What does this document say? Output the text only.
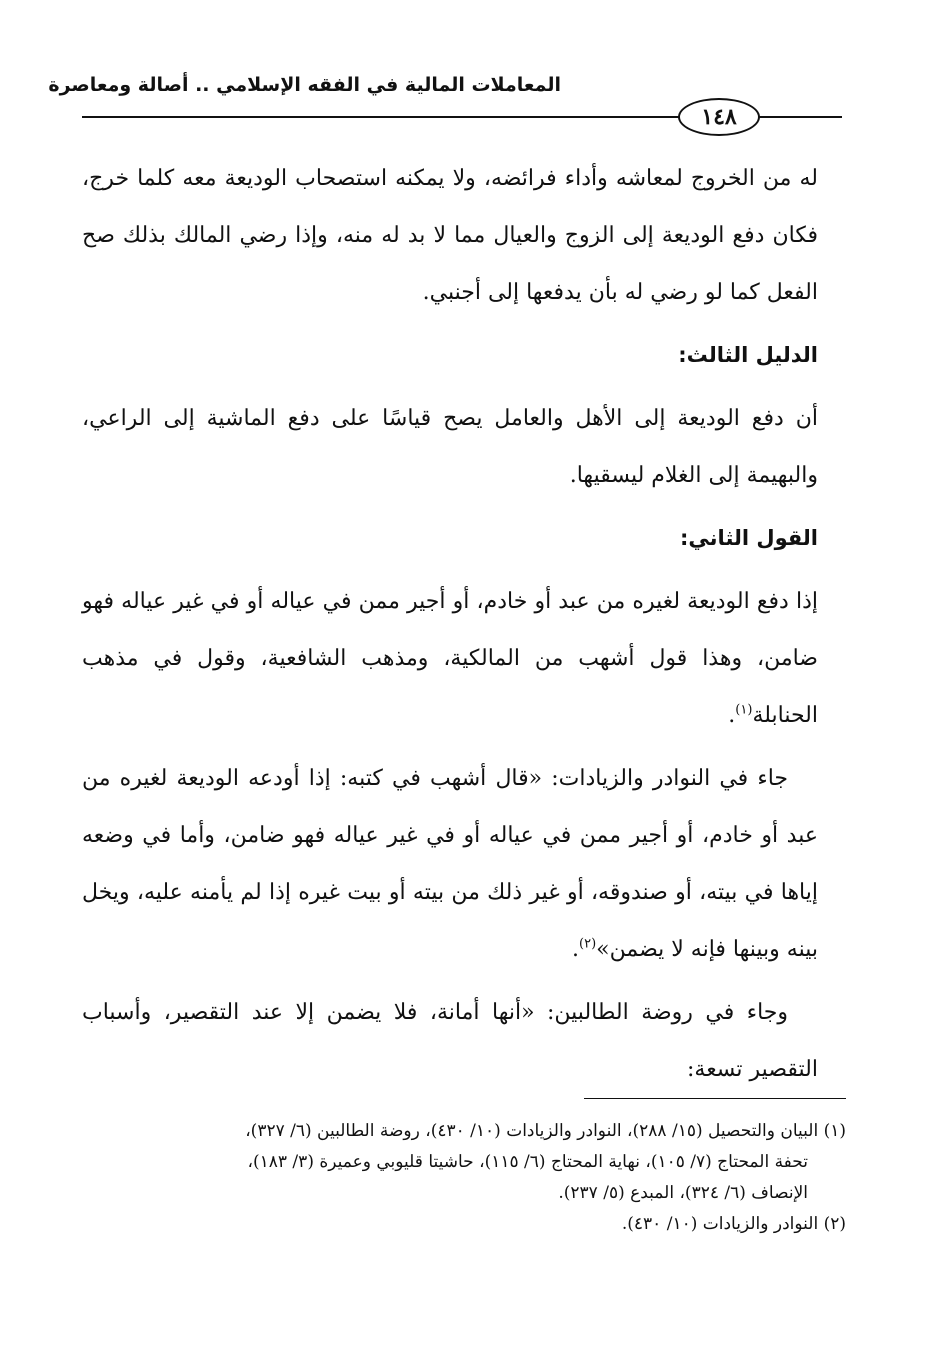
المعاملات المالية في الفقه الإسلامي .. أصالة ومعاصرة
١٤٨

له من الخروج لمعاشه وأداء فرائضه، ولا يمكنه استصحاب الوديعة معه كلما خرج، فكان دفع الوديعة إلى الزوج والعيال مما لا بد له منه، وإذا رضي المالك بذلك صح الفعل كما لو رضي له بأن يدفعها إلى أجنبي.

الدليل الثالث:

أن دفع الوديعة إلى الأهل والعامل يصح قياسًا على دفع الماشية إلى الراعي، والبهيمة إلى الغلام ليسقيها.

القول الثاني:

إذا دفع الوديعة لغيره من عبد أو خادم، أو أجير ممن في عياله أو في غير عياله فهو ضامن، وهذا قول أشهب من المالكية، ومذهب الشافعية، وقول في مذهب الحنابلة$^{(١)}$.

جاء في النوادر والزيادات: «قال أشهب في كتبه: إذا أودعه الوديعة لغيره من عبد أو خادم، أو أجير ممن في عياله أو في غير عياله فهو ضامن، وأما في وضعه إياها في بيته، أو صندوقه، أو غير ذلك من بيته أو بيت غيره إذا لم يأمنه عليه، ويخل بينه وبينها فإنه لا يضمن»$^{(٢)}$.

وجاء في روضة الطالبين: «أنها أمانة، فلا يضمن إلا عند التقصير، وأسباب التقصير تسعة:

(١) البيان والتحصيل (١٥/ ٢٨٨)، النوادر والزيادات (١٠/ ٤٣٠)، روضة الطالبين (٦/ ٣٢٧)،

تحفة المحتاج (٧/ ١٠٥)، نهاية المحتاج (٦/ ١١٥)، حاشيتا قليوبي وعميرة (٣/ ١٨٣)،

الإنصاف (٦/ ٣٢٤)، المبدع (٥/ ٢٣٧).

(٢) النوادر والزيادات (١٠/ ٤٣٠).
